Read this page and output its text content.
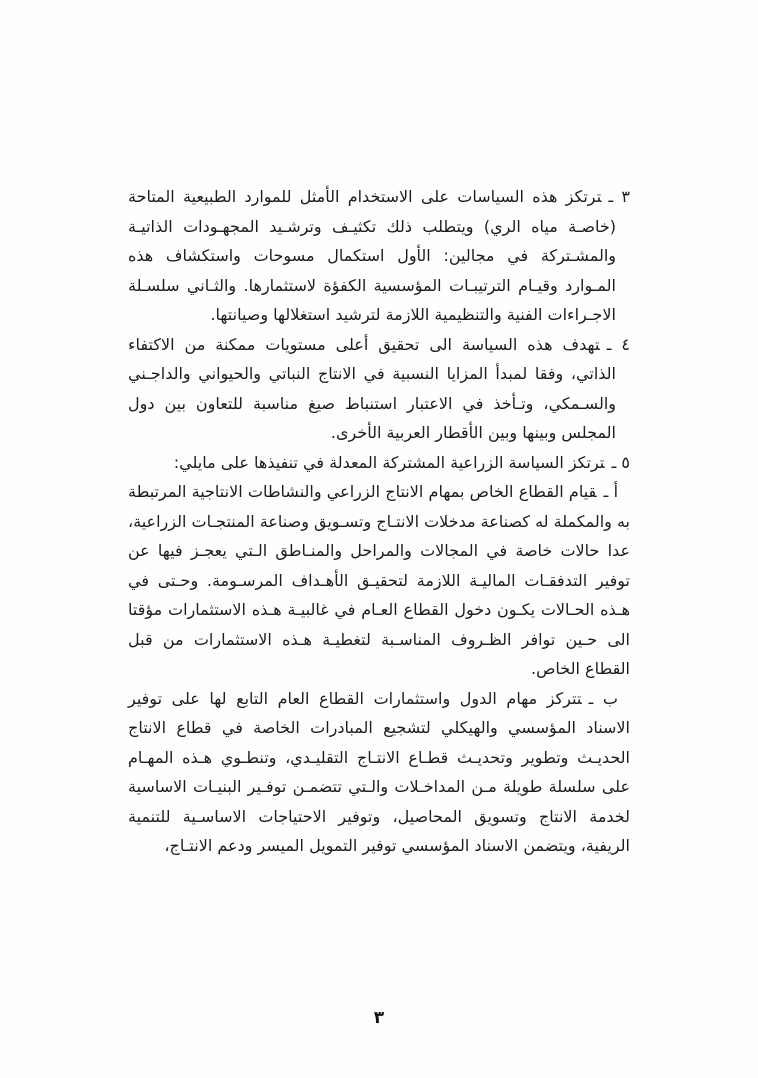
٣ ـترتكز هذه السياسات على الاستخدام الأمثل للموارد الطبيعية المتاحة (خاصـة مياه الري) ويتطلب ذلك تكثيـف وترشـيد المجهـودات الذاتيـة والمشـتركة في مجالين: الأول استكمال مسوحات واستكشاف هذه المـوارد وقيـام الترتيبـات المؤسسية الكفؤة لاستثمارها. والثـاني سلسـلة الاجـراءات الفنية والتنظيمية اللازمة لترشيد استغلالها وصيانتها.

٤ ـتهدف هذه السياسة الى تحقيق أعلى مستويات ممكنة من الاكتفاء الذاتي، وفقا لمبدأ المزايا النسبية في الانتاج النباتي والحيواني والداجـني والسـمكي، وتـأخذ في الاعتبار استنباط صيغ مناسبة للتعاون بين دول المجلس وبينها وبين الأقطار العربية الأخرى.

٥ ـترتكز السياسة الزراعية المشتركة المعدلة في تنفيذها على مايلي:

أ ـقيام القطاع الخاص بمهام الانتاج الزراعي والنشاطات الانتاجية المرتبطة به والمكملة له كصناعة مدخلات الانتـاج وتسـويق وصناعة المنتجـات الزراعية، عدا حالات خاصة في المجالات والمراحل والمنـاطق الـتي يعجـز فيها عن توفير التدفقـات الماليـة اللازمة لتحقيـق الأهـداف المرسـومة. وحـتى في هـذه الحـالات يكـون دخول القطاع العـام في غالبيـة هـذه الاستثمارات مؤقتا الى حـين توافر الظـروف المناسـبة لتغطيـة هـذه الاستثمارات من قبل القطاع الخاص.

ب ـتتركز مهام الدول واستثمارات القطاع العام التابع لها على توفير الاسناد المؤسسي والهيكلي لتشجيع المبادرات الخاصة في قطاع الانتاج الحديـث وتطوير وتحديـث قطـاع الانتـاج التقليـدي، وتنطـوي هـذه المهـام على سلسلة طويلة مـن المداخـلات والـتي تتضمـن توفـير البنيـات الاساسية لخدمة الانتاج وتسويق المحاصيل، وتوفير الاحتياجات الاساسـية للتنمية الريفية، ويتضمن الاسناد المؤسسي توفير التمويل الميسر ودعم الانتـاج،

٣
